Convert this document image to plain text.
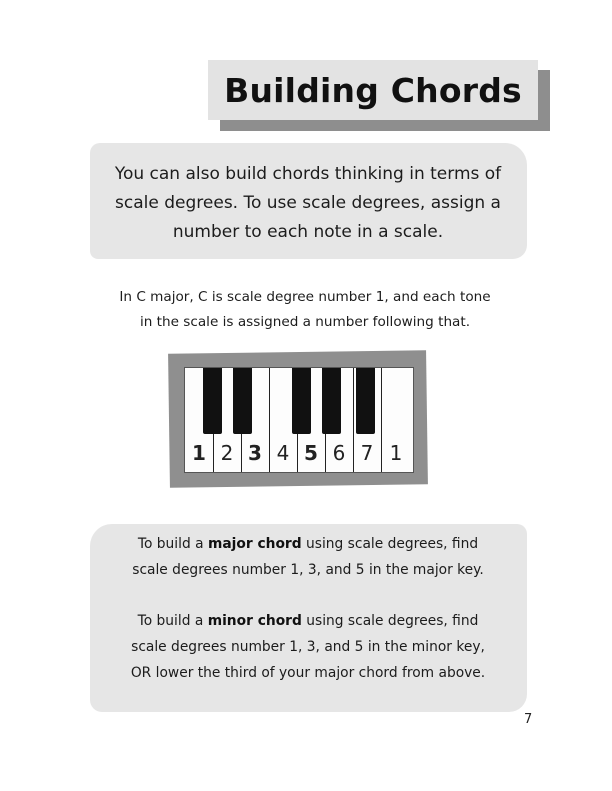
Building Chords
You can also build chords thinking in terms of
scale degrees. To use scale degrees, assign a
number to each note in a scale.
In C major, C is scale degree number 1, and each tone
in the scale is assigned a number following that.
1 2 3 4 5 6 7 1
To build a major chord using scale degrees, find
scale degrees number 1, 3, and 5 in the major key.
To build a minor chord using scale degrees, find
scale degrees number 1, 3, and 5 in the minor key,
OR lower the third of your major chord from above.
7
